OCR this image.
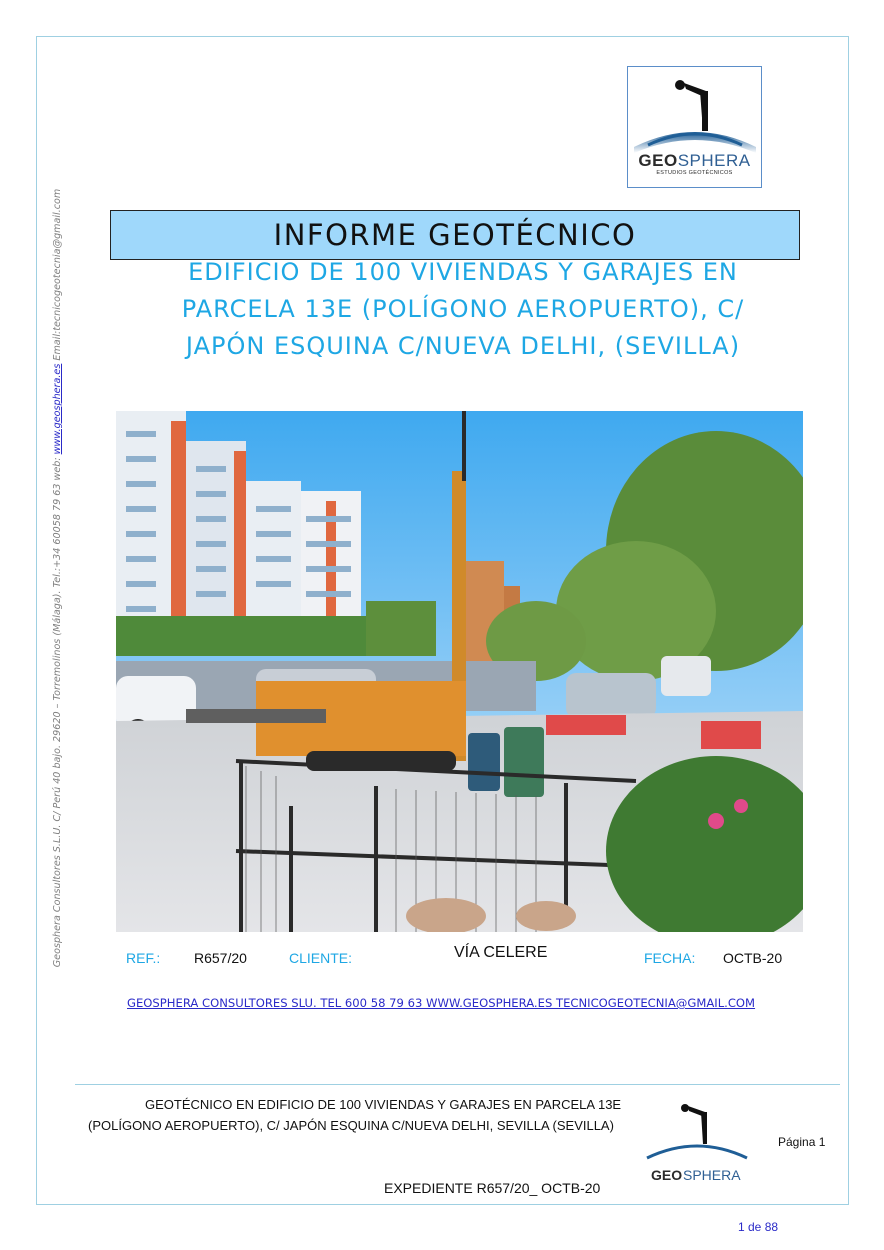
Geosphera Consultores S.L.U. C/ Perú 40 bajo. 29620 – Torremolinos (Málaga). Tel.:+34 60058 79 63 web: www.geosphera.es Email:tecnicogeotecnia@gmail.com
GEOSPHERA
ESTUDIOS GEOTÉCNICOS
INFORME GEOTÉCNICO
EDIFICIO DE 100 VIVIENDAS Y GARAJES EN
PARCELA 13E (POLÍGONO AEROPUERTO), C/
JAPÓN ESQUINA C/NUEVA DELHI, (SEVILLA)
REF.: R657/20	CLIENTE:	VÍA CELERE	FECHA: OCTB-20
GEOSPHERA CONSULTORES SLU. TEL 600 58 79 63 WWW.GEOSPHERA.ES TECNICOGEOTECNIA@GMAIL.COM
GEOTÉCNICO EN EDIFICIO DE 100 VIVIENDAS Y GARAJES EN PARCELA 13E
(POLÍGONO AEROPUERTO), C/ JAPÓN ESQUINA C/NUEVA DELHI, SEVILLA (SEVILLA)
GEO SPHERA
Página 1
EXPEDIENTE R657/20_ OCTB-20
1 de 88
